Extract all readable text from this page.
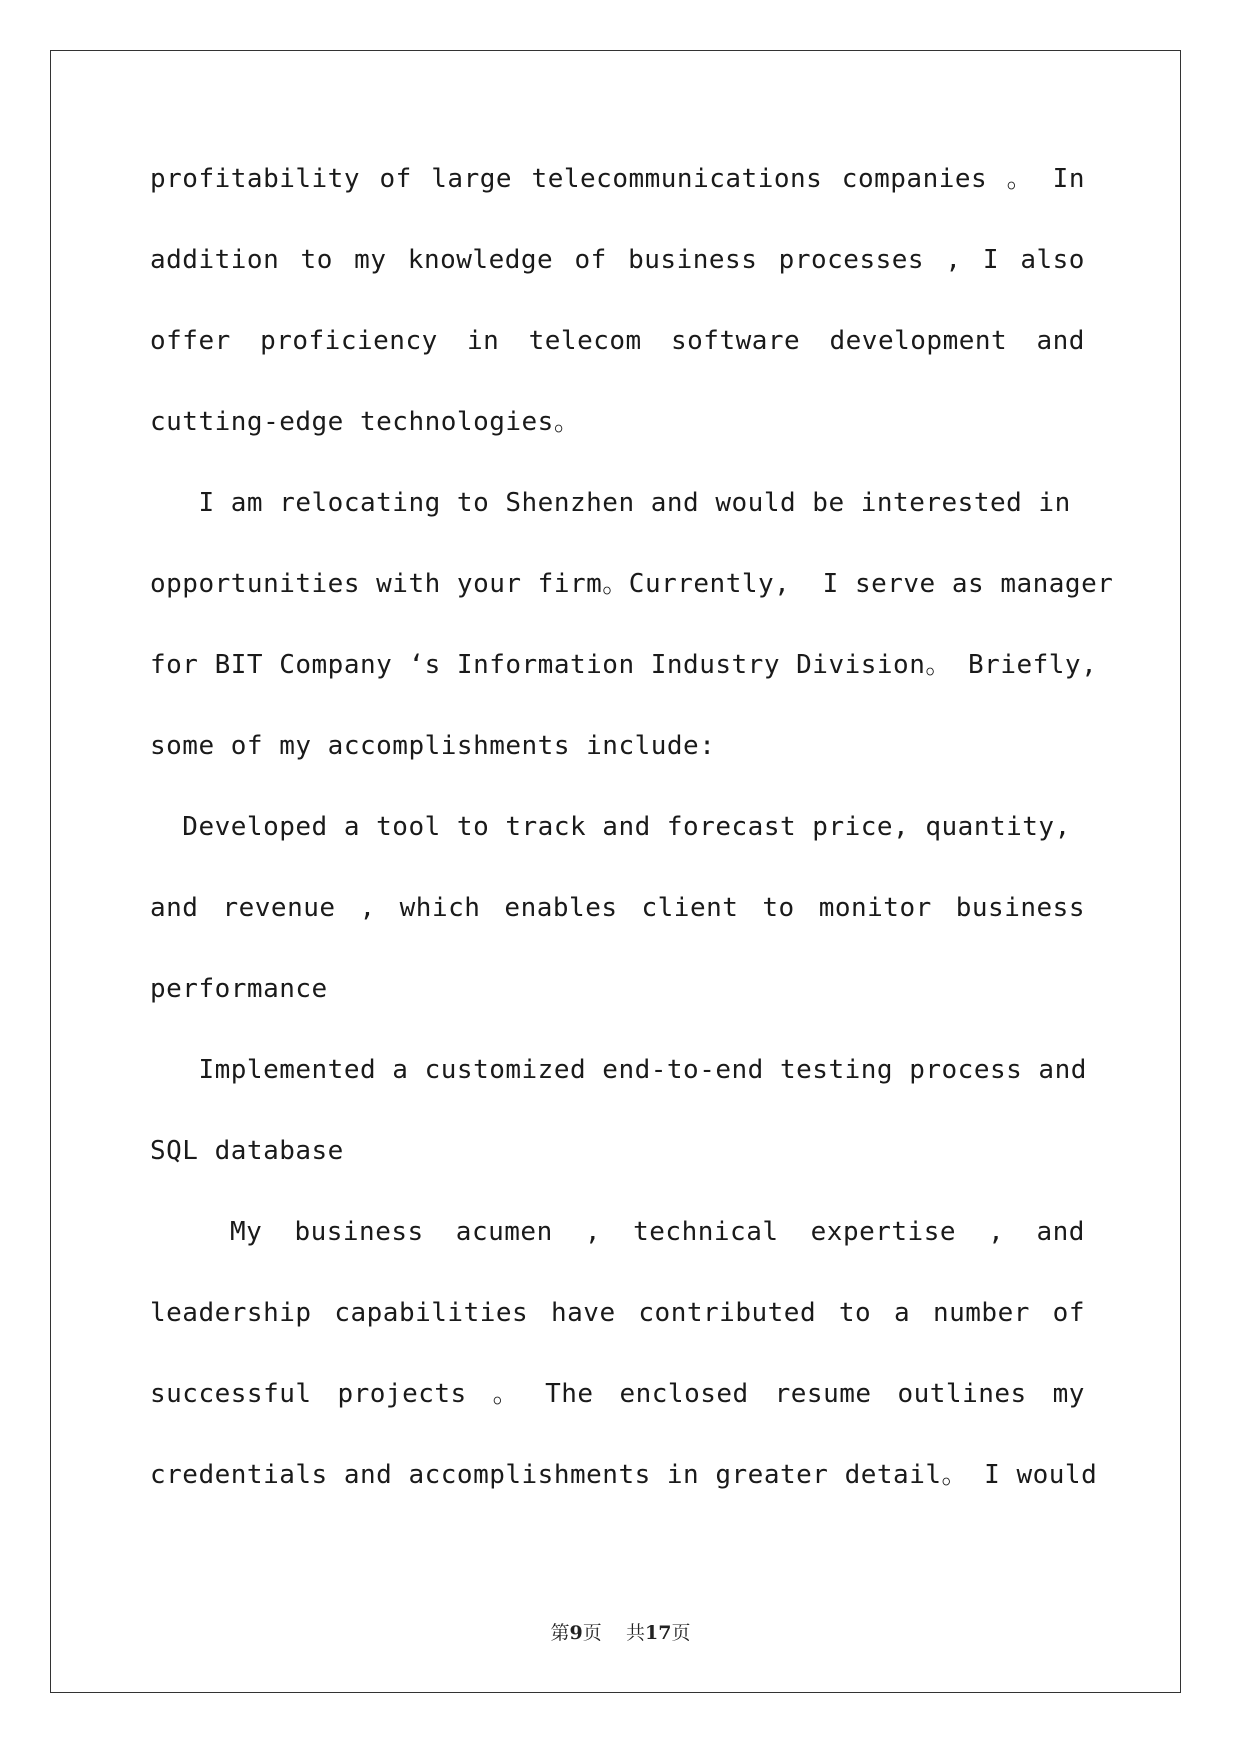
profitability of large telecommunications companies 。 In
addition to my knowledge of business processes , I also
offer proficiency in telecom software development and
cutting-edge technologies。
I am relocating to Shenzhen and would be interested in
opportunities with your firm。Currently,  I serve as manager
for BIT Company ‘s Information Industry Division。 Briefly,
some of my accomplishments include:
Developed a tool to track and forecast price, quantity,
and revenue , which enables client to monitor business
performance
Implemented a customized end-to-end testing process and
SQL database
My business acumen , technical expertise , and
leadership capabilities have contributed to a number of
successful projects 。 The enclosed resume outlines my
credentials and accomplishments in greater detail。 I would
第9页 共17页
